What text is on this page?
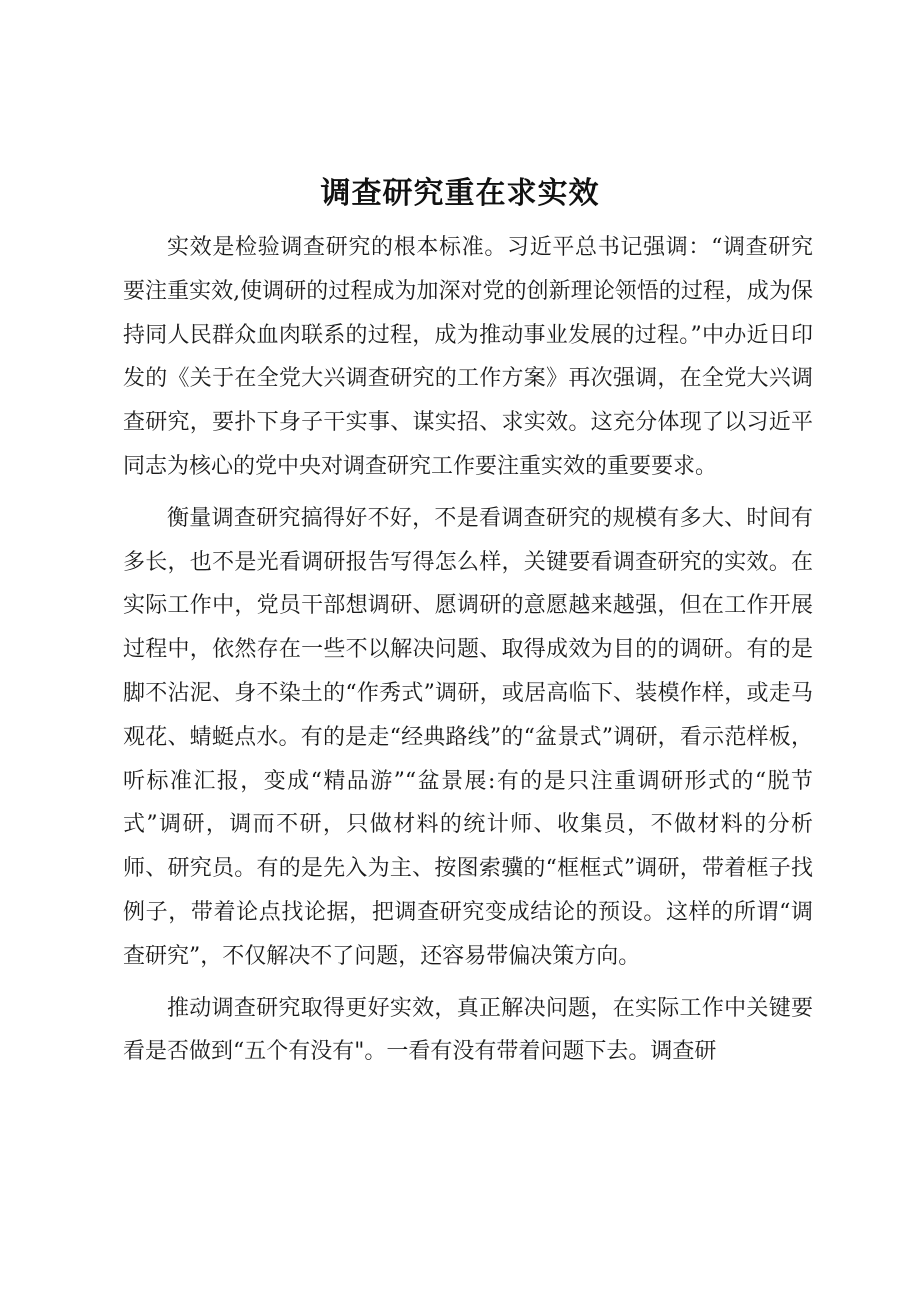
调查研究重在求实效

实效是检验调查研究的根本标准。习近平总书记强调：“调查研究要注重实效,使调研的过程成为加深对党的创新理论领悟的过程，成为保持同人民群众血肉联系的过程，成为推动事业发展的过程。”中办近日印发的《关于在全党大兴调查研究的工作方案》再次强调，在全党大兴调查研究，要扑下身子干实事、谋实招、求实效。这充分体现了以习近平同志为核心的党中央对调查研究工作要注重实效的重要要求。

衡量调查研究搞得好不好，不是看调查研究的规模有多大、时间有多长，也不是光看调研报告写得怎么样，关键要看调查研究的实效。在实际工作中，党员干部想调研、愿调研的意愿越来越强，但在工作开展过程中，依然存在一些不以解决问题、取得成效为目的的调研。有的是脚不沾泥、身不染土的“作秀式”调研，或居高临下、装模作样，或走马观花、蜻蜓点水。有的是走“经典路线”的“盆景式”调研，看示范样板，听标准汇报，变成“精品游”“盆景展:有的是只注重调研形式的“脱节式”调研，调而不研，只做材料的统计师、收集员，不做材料的分析师、研究员。有的是先入为主、按图索骥的“框框式”调研，带着框子找例子，带着论点找论据，把调查研究变成结论的预设。这样的所谓“调查研究”，不仅解决不了问题，还容易带偏决策方向。

推动调查研究取得更好实效，真正解决问题，在实际工作中关键要看是否做到“五个有没有"。一看有没有带着问题下去。调查研
